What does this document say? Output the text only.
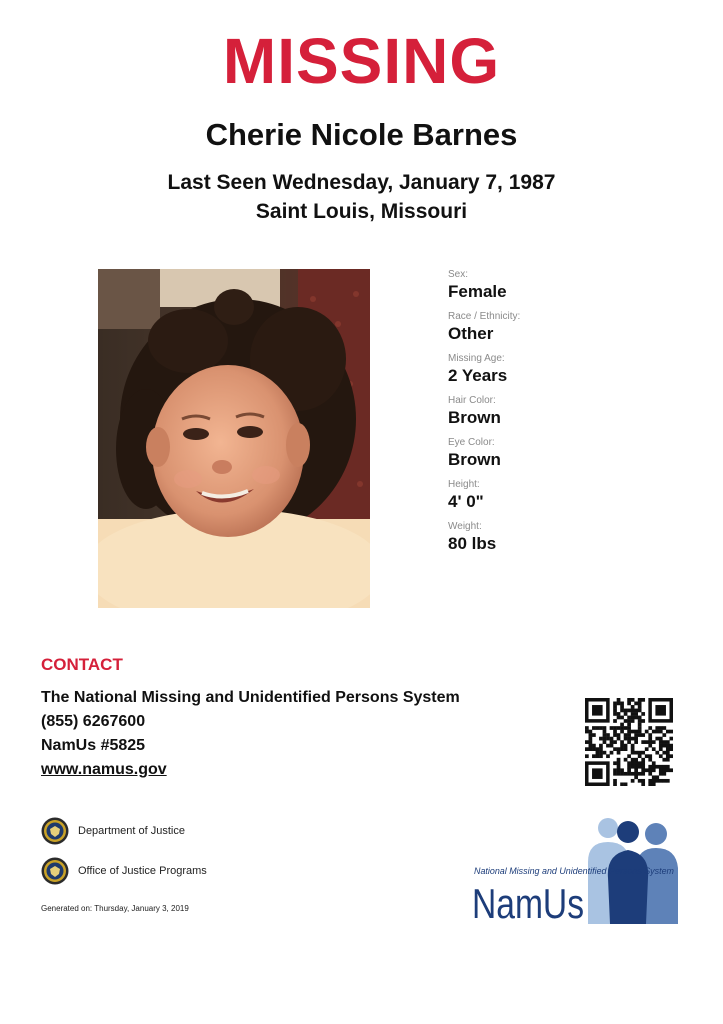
MISSING
Cherie Nicole Barnes
Last Seen Wednesday, January 7, 1987
Saint Louis, Missouri
Sex:
Female
Race / Ethnicity:
Other
Missing Age:
2 Years
Hair Color:
Brown
Eye Color:
Brown
Height:
4' 0"
Weight:
80 lbs
CONTACT
The National Missing and Unidentified Persons System
(855) 6267600
NamUs #5825
www.namus.gov
Department of Justice
Office of Justice Programs
Generated on: Thursday, January 3, 2019
National Missing and Unidentified Persons System
NamUs
